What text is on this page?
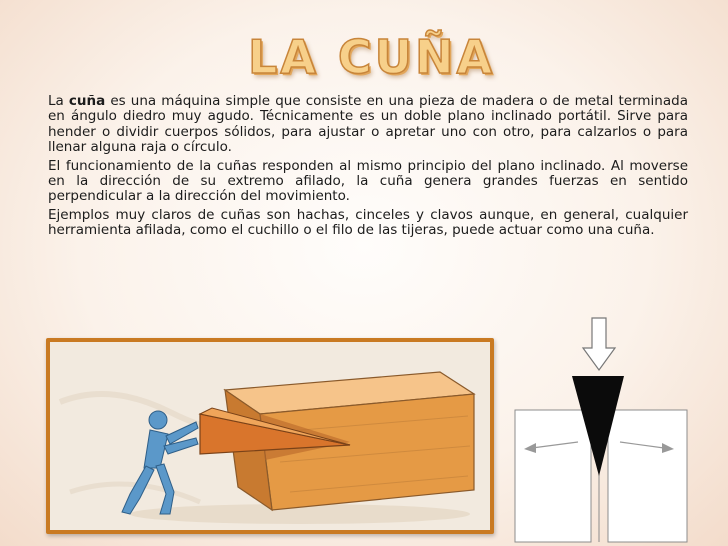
LA CUÑA

La cuña es una máquina simple que consiste en una pieza de madera o de metal terminada en ángulo diedro muy agudo. Técnicamente es un doble plano inclinado portátil. Sirve para hender o dividir cuerpos sólidos, para ajustar o apretar uno con otro, para calzarlos o para llenar alguna raja o círculo.

El funcionamiento de la cuñas responden al mismo principio del plano inclinado. Al moverse en la dirección de su extremo afilado, la cuña genera grandes fuerzas en sentido perpendicular a la dirección del movimiento.

Ejemplos muy claros de cuñas son hachas, cinceles y clavos aunque, en general, cualquier herramienta afilada, como el cuchillo o el filo de las tijeras, puede actuar como una cuña.
